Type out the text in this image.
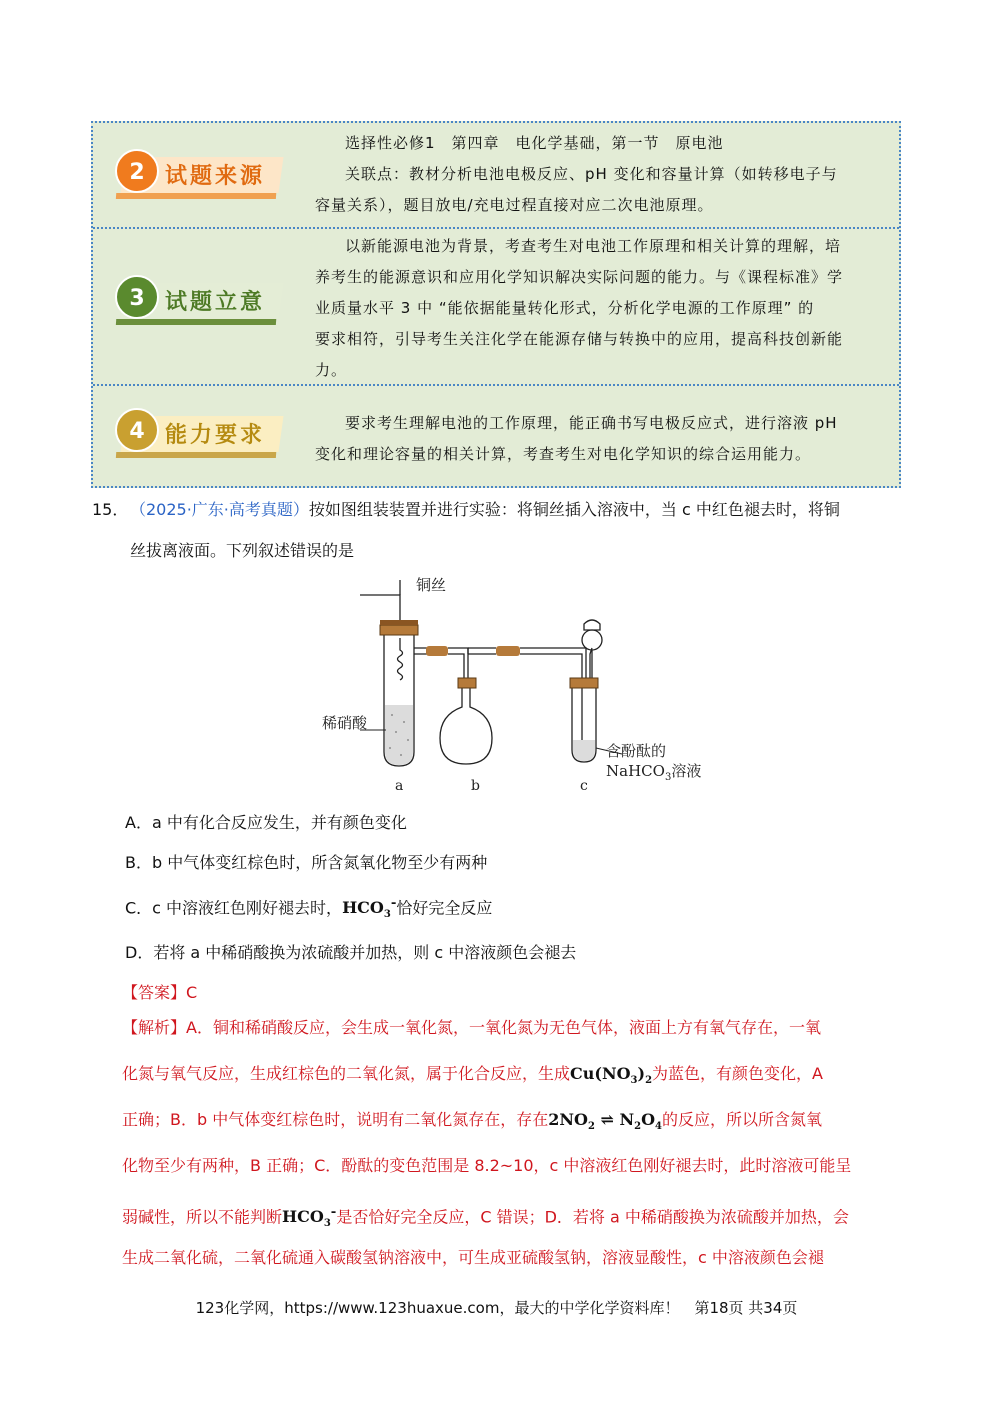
2 试题来源

选择性必修1　第四章　电化学基础，第一节　原电池

关联点：教材分析电池电极反应、pH 变化和容量计算（如转移电子与

容量关系），题目放电/充电过程直接对应二次电池原理。

3 试题立意

以新能源电池为背景，考查考生对电池工作原理和相关计算的理解，培

养考生的能源意识和应用化学知识解决实际问题的能力。与《课程标准》学

业质量水平 3 中 “能依据能量转化形式，分析化学电源的工作原理” 的

要求相符，引导考生关注化学在能源存储与转换中的应用，提高科技创新能

力。

4 能力要求	要求考生理解电池的工作原理，能正确书写电极反应式，进行溶液 pH

变化和理论容量的相关计算，考查考生对电化学知识的综合运用能力。

15． （2025·广东·高考真题）按如图组装装置并进行实验：将铜丝插入溶液中，当 c 中红色褪去时，将铜
丝拔离液面。下列叙述错误的是
铜丝
稀硝酸
含酚酞的
NaHCO$_3$溶液
a	b	c
A．a 中有化合反应发生，并有颜色变化
B．b 中气体变红棕色时，所含氮氧化物至少有两种
C．c 中溶液红色刚好褪去时，$HCO_3^-$恰好完全反应
D．若将 a 中稀硝酸换为浓硫酸并加热，则 c 中溶液颜色会褪去
【答案】C
【解析】A．铜和稀硝酸反应，会生成一氧化氮，一氧化氮为无色气体，液面上方有氧气存在，一氧
化氮与氧气反应，生成红棕色的二氧化氮，属于化合反应，生成$Cu(NO_3)_2$为蓝色，有颜色变化，A
正确；B．b 中气体变红棕色时，说明有二氧化氮存在，存在$2NO_2$ ⇌ $N_2O_4$的反应，所以所含氮氧
化物至少有两种，B 正确；C．酚酞的变色范围是 8.2~10，c 中溶液红色刚好褪去时，此时溶液可能呈
弱碱性，所以不能判断$HCO_3^-$是否恰好完全反应，C 错误；D．若将 a 中稀硝酸换为浓硫酸并加热，会
生成二氧化硫，二氧化硫通入碳酸氢钠溶液中，可生成亚硫酸氢钠，溶液显酸性，c 中溶液颜色会褪
123化学网，https://www.123huaxue.com，最大的中学化学资料库！　第18页 共34页
